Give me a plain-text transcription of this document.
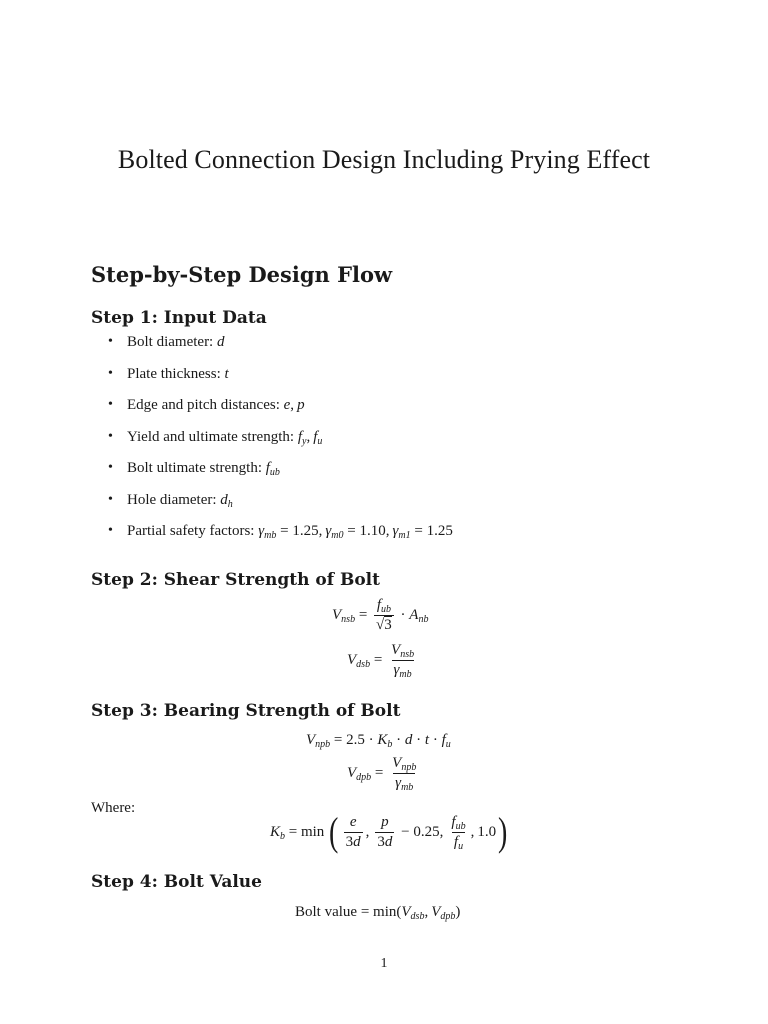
Bolted Connection Design Including Prying Effect
Step-by-Step Design Flow
Step 1: Input Data
• Bolt diameter:
d
• Plate thickness:
t
• Edge and pitch distances:
e ,  p
• Yield and ultimate strength:
$f_y$ ,  $f_u$
• Bolt ultimate strength:
$f_{ub}$
• Hole diameter:
$d_h$
• Partial safety factors:
$\gamma_{mb} = 1.25$ ,  $\gamma_{m0} = 1.10$ ,  $\gamma_{m1} = 1.25$
Step 2: Shear Strength of Bolt
$V_{nsb} = \frac{f_{ub}}{√3} \cdot A_{nb}$
$V_{dsb} = \frac{V_{nsb}}{\gamma_{mb}}$
Step 3: Bearing Strength of Bolt
$V_{npb} = 2.5 \cdot K_b \cdot d \cdot t \cdot f_u$
$V_{dpb} = \frac{V_{npb}}{\gamma_{mb}}$
Where:
$K_b = \min$  ( $\frac{e}{3d}$ ,  $\frac{p}{3d} - 0.25$ ,  $\frac{f_{ub}}{f_u}$ ,  1.0 )
Step 4: Bolt Value
Bolt value = min( $V_{dsb}$ ,  $V_{dpb}$ )
1
